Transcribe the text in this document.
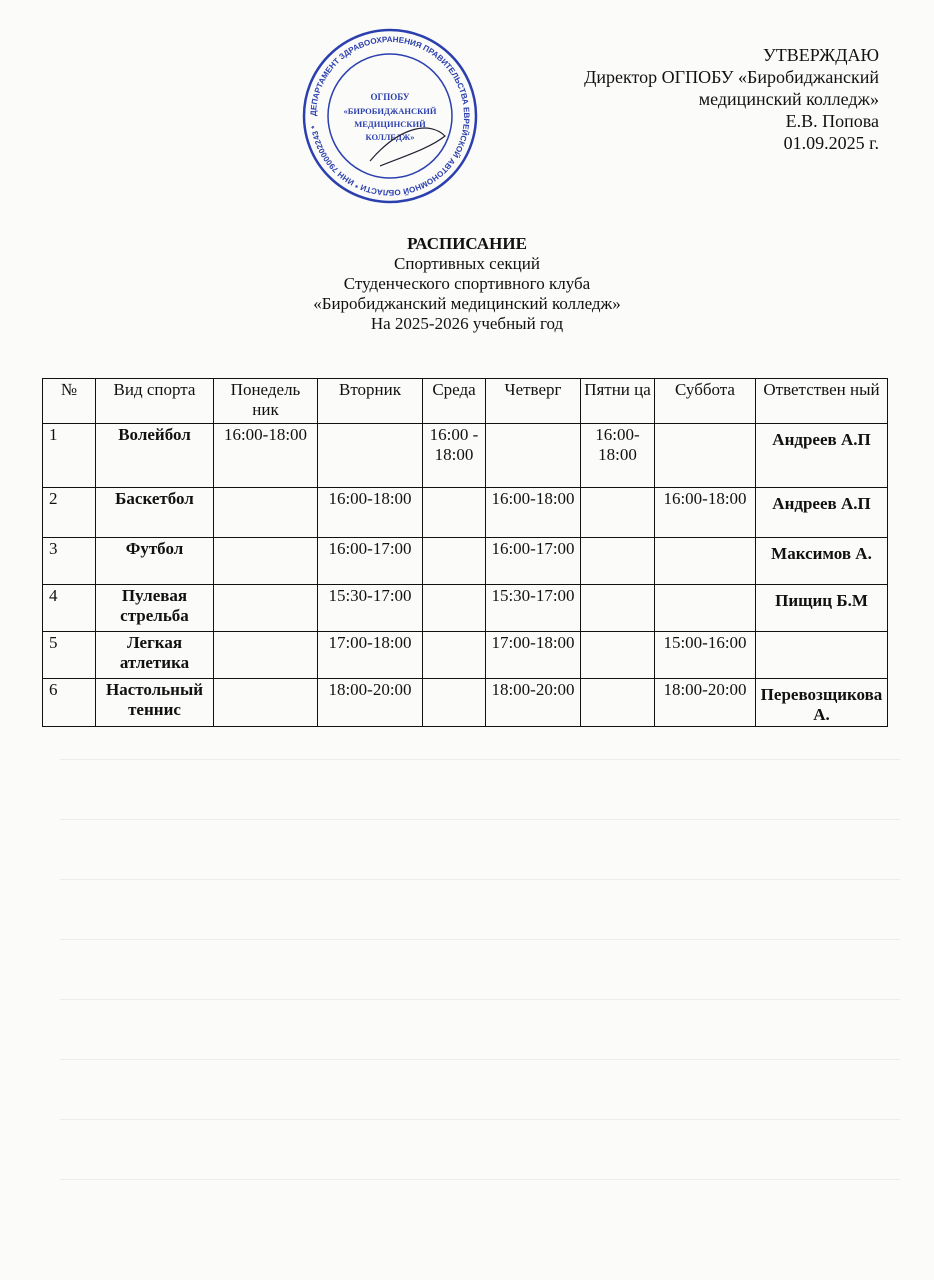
УТВЕРЖДАЮ
Директор ОГПОБУ «Биробиджанский
медицинский колледж»
Е.В. Попова
01.09.2025 г.
ДЕПАРТАМЕНТ ЗДРАВООХРАНЕНИЯ ПРАВИТЕЛЬСТВА ЕВРЕЙСКОЙ АВТОНОМНОЙ ОБЛАСТИ * ИНН 7900002243 *
ОГПОБУ
«БИРОБИДЖАНСКИЙ
МЕДИЦИНСКИЙ
КОЛЛЕДЖ»
РАСПИСАНИЕ
Спортивных секций
Студенческого спортивного клуба
«Биробиджанский медицинский колледж»
На 2025-2026 учебный год
№	Вид спорта	Понедель ник	Вторник	Среда	Четверг	Пятни ца	Суббота	Ответствен ный
1	Волейбол	16:00-18:00		16:00 - 18:00		16:00-18:00		Андреев А.П
2	Баскетбол		16:00-18:00		16:00-18:00		16:00-18:00	Андреев А.П
3	Футбол		16:00-17:00		16:00-17:00			Максимов А.
4	Пулевая стрельба		15:30-17:00		15:30-17:00			Пищиц Б.М
5	Легкая атлетика		17:00-18:00		17:00-18:00		15:00-16:00	
6	Настольный теннис		18:00-20:00		18:00-20:00		18:00-20:00	Перевозщикова А.
